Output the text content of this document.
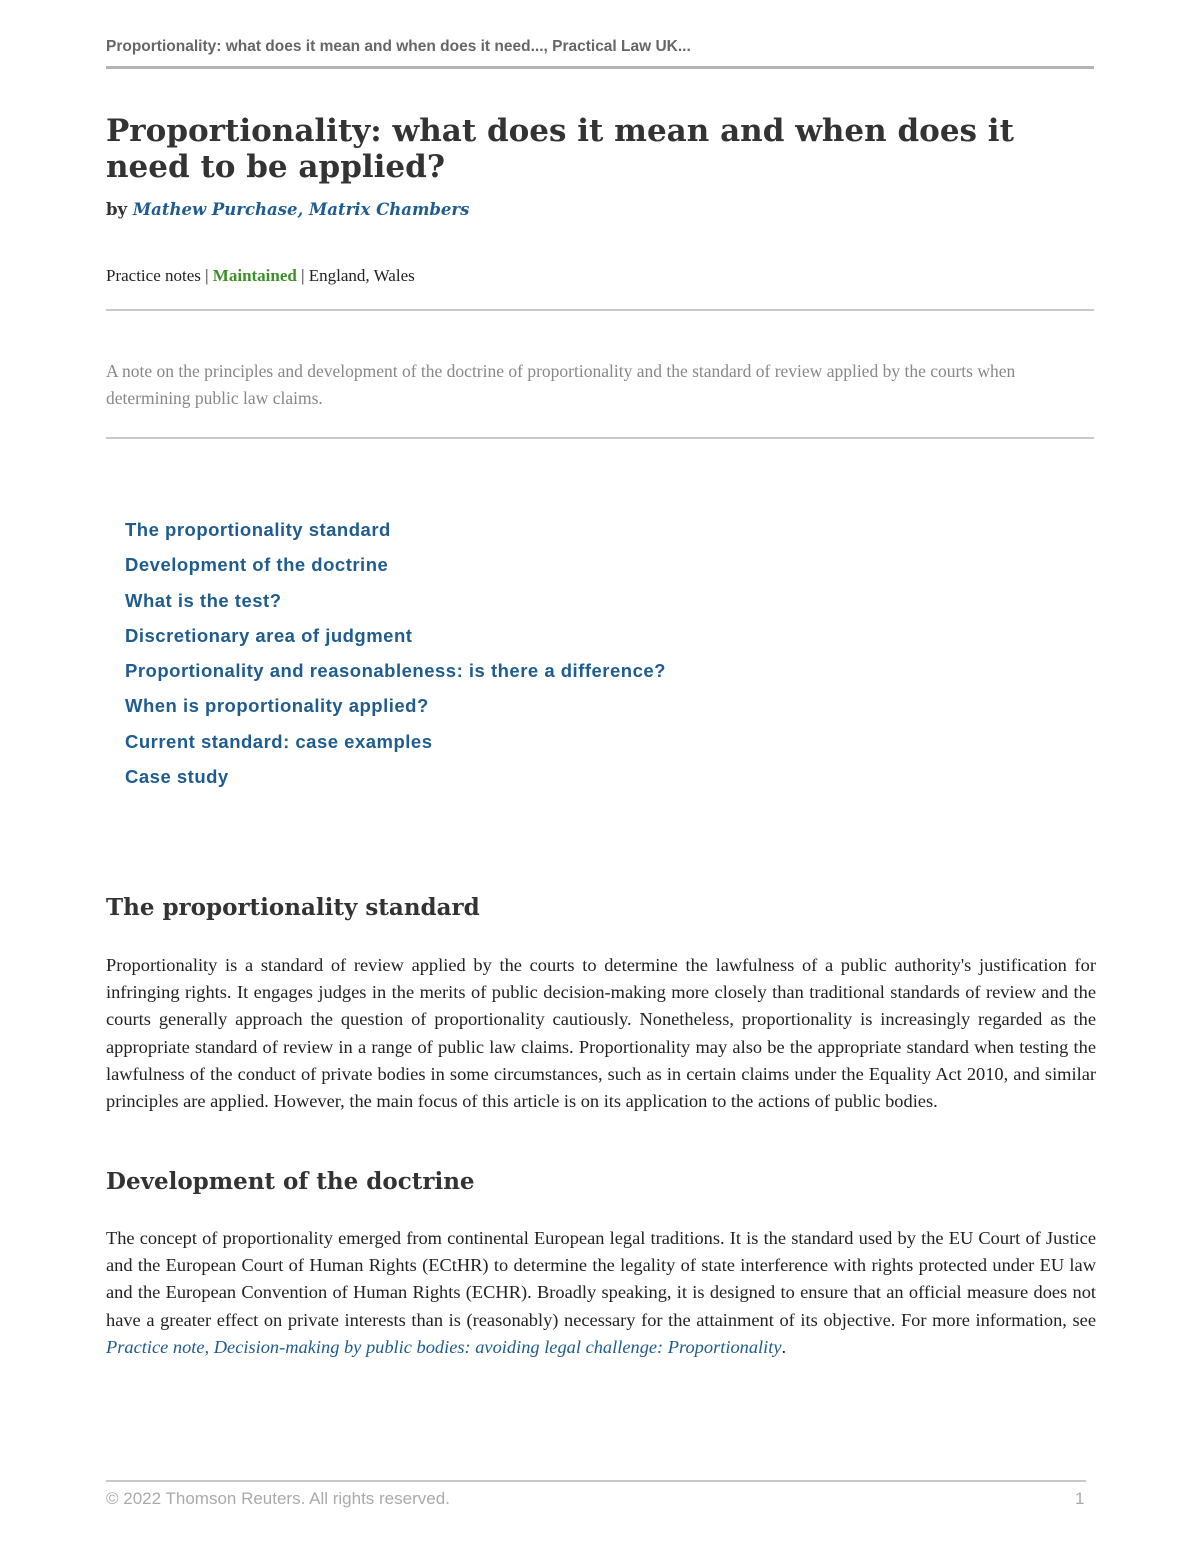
Proportionality: what does it mean and when does it need..., Practical Law UK...
Proportionality: what does it mean and when does it need to be applied?
by Mathew Purchase, Matrix Chambers
Practice notes | Maintained | England, Wales

A note on the principles and development of the doctrine of proportionality and the standard of review applied by the courts when determining public law claims.

The proportionality standard
Development of the doctrine
What is the test?
Discretionary area of judgment
Proportionality and reasonableness: is there a difference?
When is proportionality applied?
Current standard: case examples
Case study
The proportionality standard

Proportionality is a standard of review applied by the courts to determine the lawfulness of a public authority's justification for infringing rights. It engages judges in the merits of public decision-making more closely than traditional standards of review and the courts generally approach the question of proportionality cautiously. Nonetheless, proportionality is increasingly regarded as the appropriate standard of review in a range of public law claims. Proportionality may also be the appropriate standard when testing the lawfulness of the conduct of private bodies in some circumstances, such as in certain claims under the Equality Act 2010, and similar principles are applied. However, the main focus of this article is on its application to the actions of public bodies.

Development of the doctrine

The concept of proportionality emerged from continental European legal traditions. It is the standard used by the EU Court of Justice and the European Court of Human Rights (ECtHR) to determine the legality of state interference with rights protected under EU law and the European Convention of Human Rights (ECHR). Broadly speaking, it is designed to ensure that an official measure does not have a greater effect on private interests than is (reasonably) necessary for the attainment of its objective. For more information, see Practice note, Decision-making by public bodies: avoiding legal challenge: Proportionality.

© 2022 Thomson Reuters. All rights reserved.	1
